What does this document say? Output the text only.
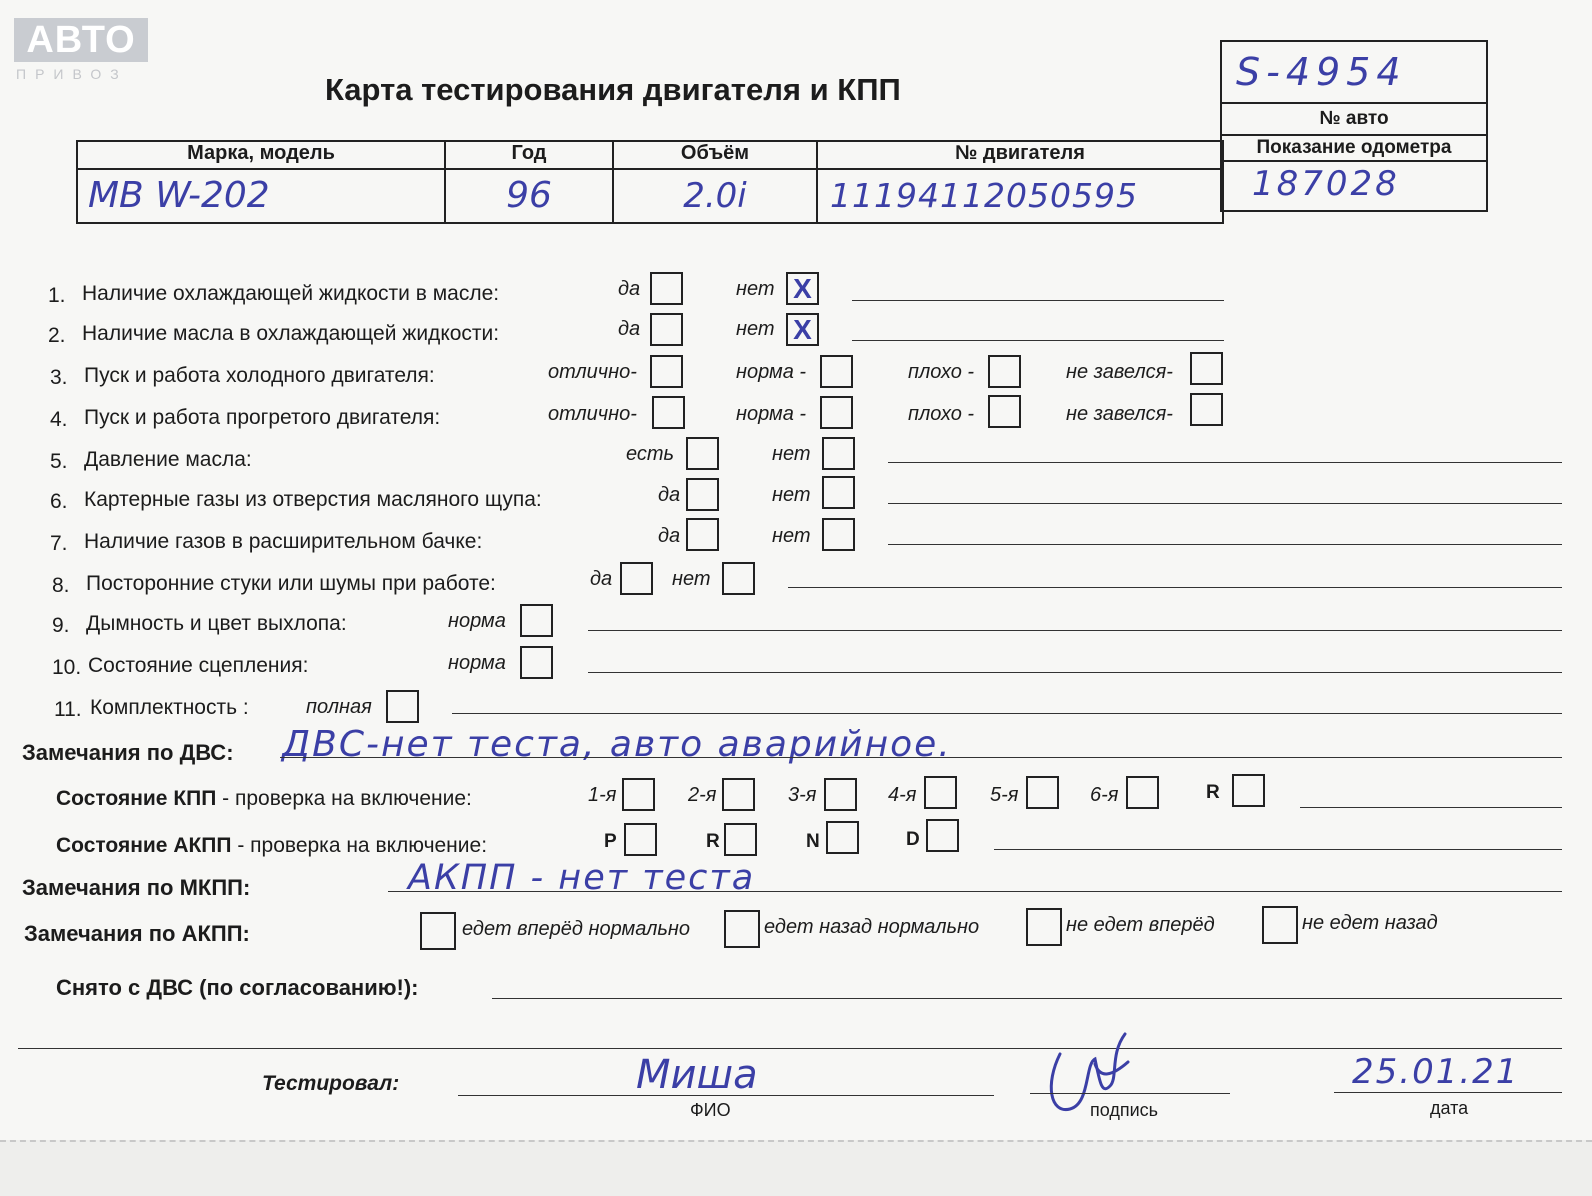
АВТО
ПРИВОЗ	Карта тестирования двигателя и КПП	S-4954
№ авто
Показание одометра
187028
Марка, модель	Год	Объём	№ двигателя

МВ W-202	96	2.0i	11194112050595
1. Наличие охлаждающей жидкости в масле:	да	нет X
2. Наличие масла в охлаждающей жидкости:	да	нет X
3. Пуск и работа холодного двигателя:	отлично-	норма -	плохо -	не завелся-
4. Пуск и работа прогретого двигателя:	отлично-	норма -	плохо -	не завелся-
5. Давление масла:	есть	нет
6. Картерные газы из отверстия масляного щупа:	да	нет
7. Наличие газов в расширительном бачке:	да	нет
8. Посторонние стуки или шумы при работе:	да	нет
9. Дымность и цвет выхлопа:	норма
10. Состояние сцепления:	норма
11. Комплектность :	полная
Замечания по ДВС: ДВС-нет теста, авто аварийное.
Состояние КПП - проверка на включение:	1-я	2-я	3-я	4-я	5-я	6-я	R
Состояние АКПП - проверка на включение:	P	R	N	D
Замечания по МКПП:	АКПП - нет теста
Замечания по АКПП:	едет вперёд нормально	едет назад нормально	не едет вперёд	не едет назад
Снято с ДВС (по согласованию!):
Тестировал:	Миша
ФИО	подпись
25.01.21
дата
